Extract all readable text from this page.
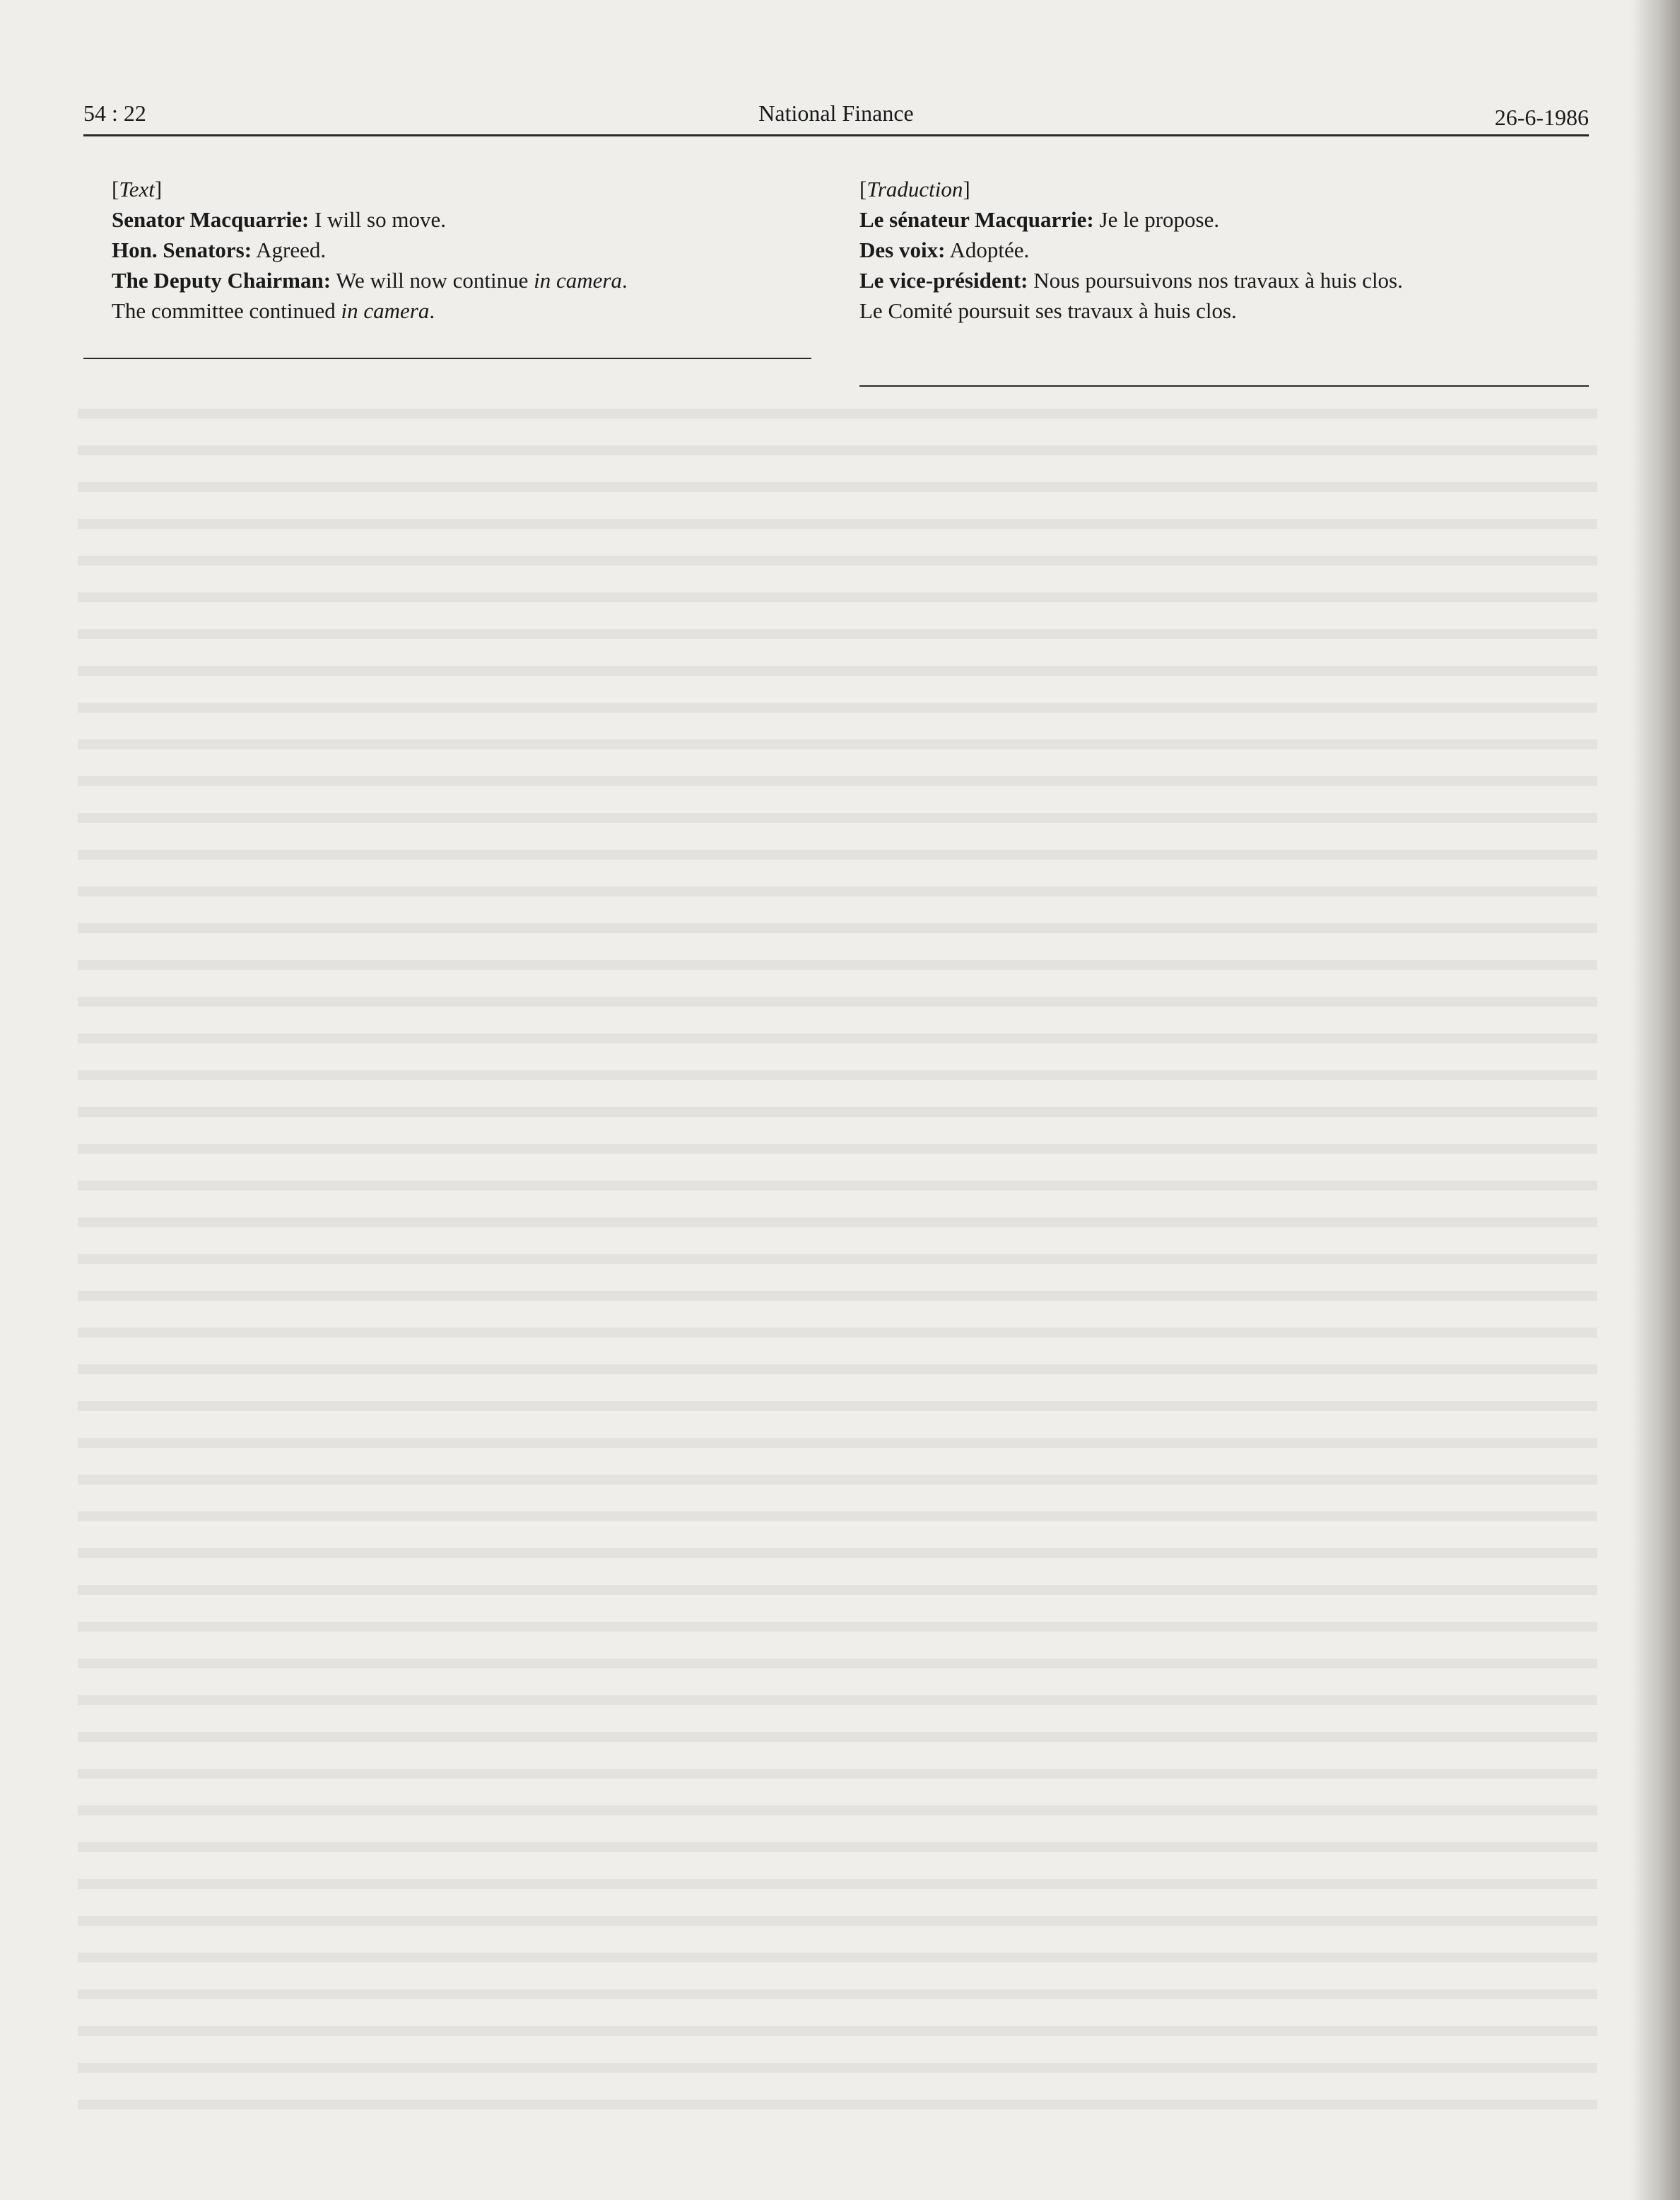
54 : 22	National Finance	26-6-1986

[Text]

Senator Macquarrie: I will so move.

Hon. Senators: Agreed.

The Deputy Chairman: We will now continue in camera.

The committee continued in camera.

[Traduction]

Le sénateur Macquarrie: Je le propose.

Des voix: Adoptée.

Le vice-président: Nous poursuivons nos travaux à huis clos.

Le Comité poursuit ses travaux à huis clos.
